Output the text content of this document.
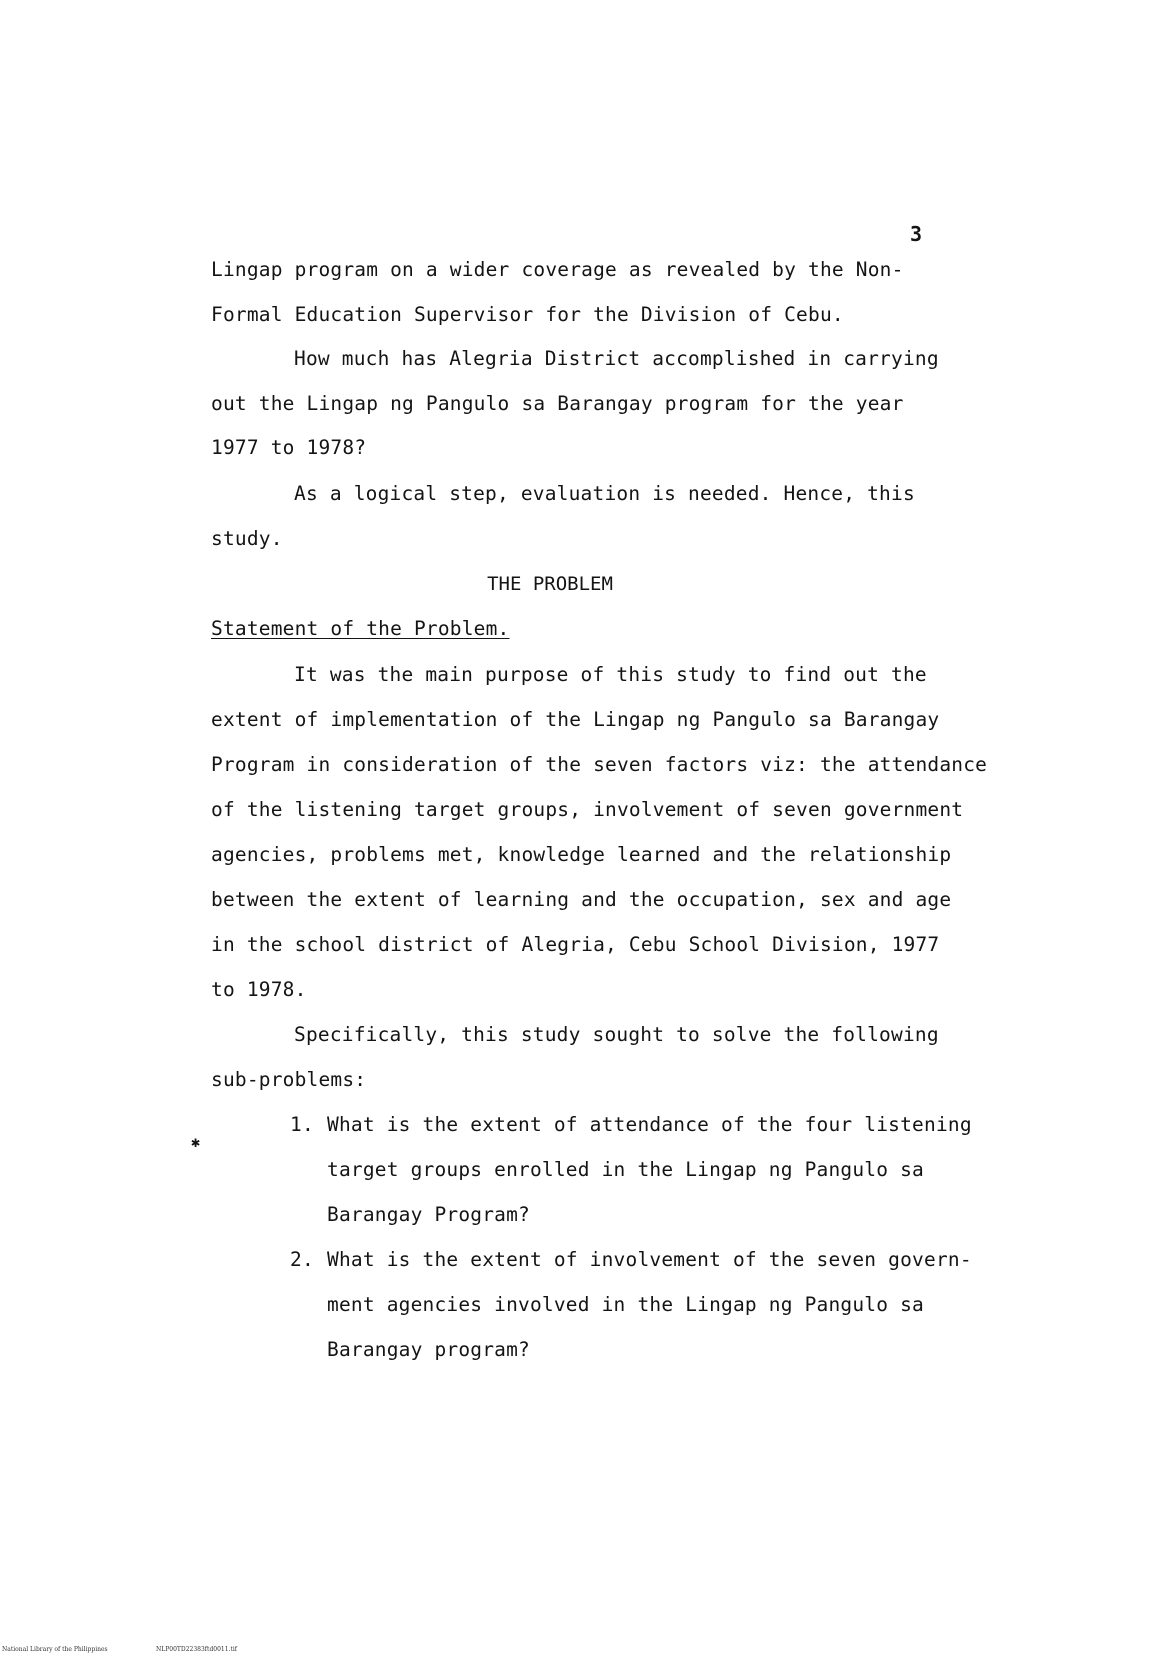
3
Lingap program on a wider coverage as revealed by the Non-
Formal Education Supervisor for the Division of Cebu.
How much has Alegria District accomplished in carrying
out the Lingap ng Pangulo sa Barangay program for the year
1977 to 1978?
As a logical step, evaluation is needed. Hence, this
study.
THE PROBLEM
Statement of the Problem.
It was the main purpose of this study to find out the
extent of implementation of the Lingap ng Pangulo sa Barangay
Program in consideration of the seven factors viz: the attendance
of the listening target groups, involvement of seven government
agencies, problems met, knowledge learned and the relationship
between the extent of learning and the occupation, sex and age
in the school district of Alegria, Cebu School Division, 1977
to 1978.
Specifically, this study sought to solve the following
✱
sub-problems:
1. What is the extent of attendance of the four listening
target groups enrolled in the Lingap ng Pangulo sa
Barangay Program?
2. What is the extent of involvement of the seven govern-
ment agencies involved in the Lingap ng Pangulo sa
Barangay program?
National Library of the Philippines	NLP00TD22383ftd0011.tif
